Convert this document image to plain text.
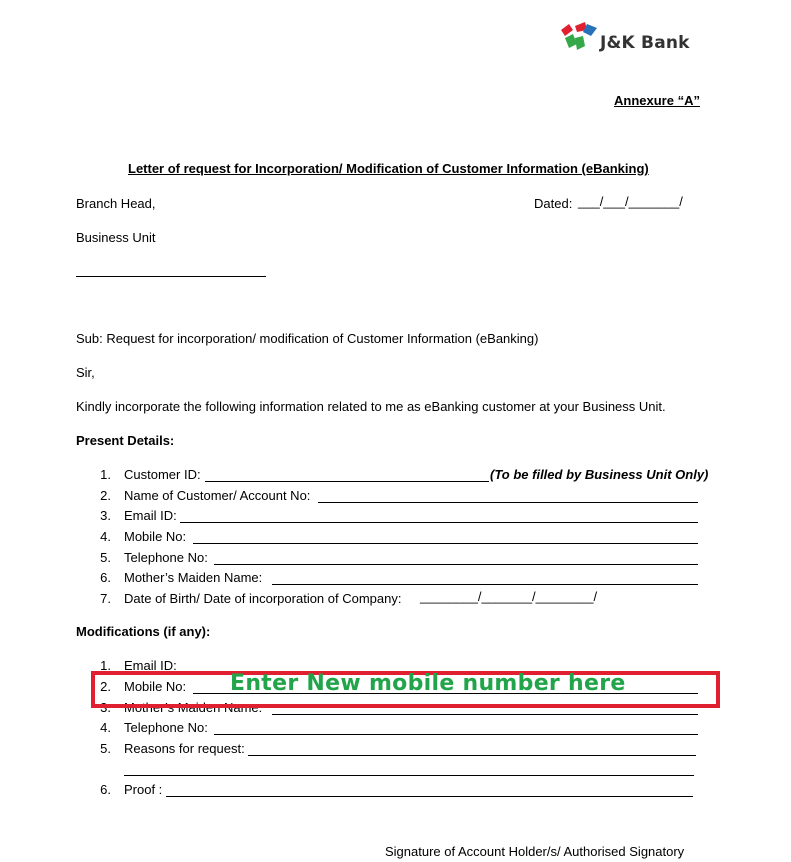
J&K Bank
Annexure “A”
Letter of request for Incorporation/ Modification of Customer Information (eBanking)
Branch Head,	Dated: ___/___/_______/
Business Unit
Sub: Request for incorporation/ modification of Customer Information (eBanking)
Sir,
Kindly incorporate the following information related to me as eBanking customer at your Business Unit.
Present Details:
1. Customer ID:	(To be filled by Business Unit Only)
2. Name of Customer/ Account No:
3. Email ID:
4. Mobile No:
5. Telephone No:
6. Mother’s Maiden Name:
7. Date of Birth/ Date of incorporation of Company: ________/_______/________/
Modifications (if any):
1. Email ID:
2. Mobile No:
3. Mother’s Maiden Name:
4. Telephone No:
5. Reasons for request:
6. Proof :
Enter New mobile number here
Signature of Account Holder/s/ Authorised Signatory
